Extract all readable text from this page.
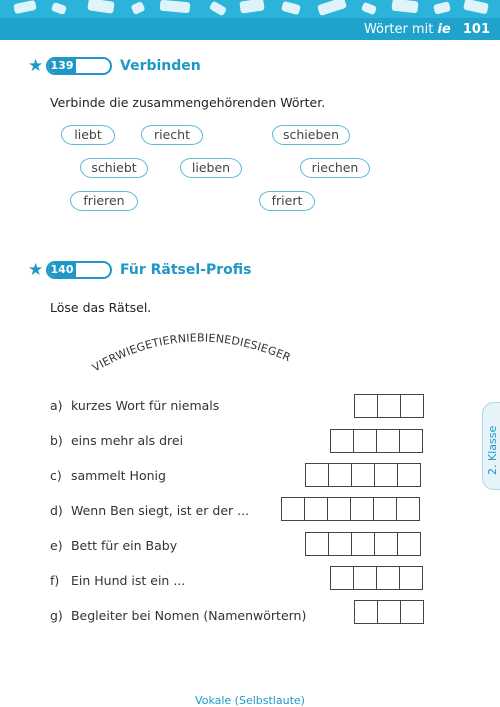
Wörter mit ie 101
★ 139	Verbinden
Verbinde die zusammengehörenden Wörter.
liebt	riecht	schieben
schiebt	lieben	riechen
frieren	friert
★ 140	Für Rätsel-Profis
Löse das Rätsel.
VIERWIEGETIERNIEBIENEDIESIEGER
a) kurzes Wort für niemals
b) eins mehr als drei
c) sammelt Honig
d) Wenn Ben siegt, ist er der ...
e) Bett für ein Baby
f) Ein Hund ist ein ...
g) Begleiter bei Nomen (Namenwörtern)
2. Klasse
Vokale (Selbstlaute)
